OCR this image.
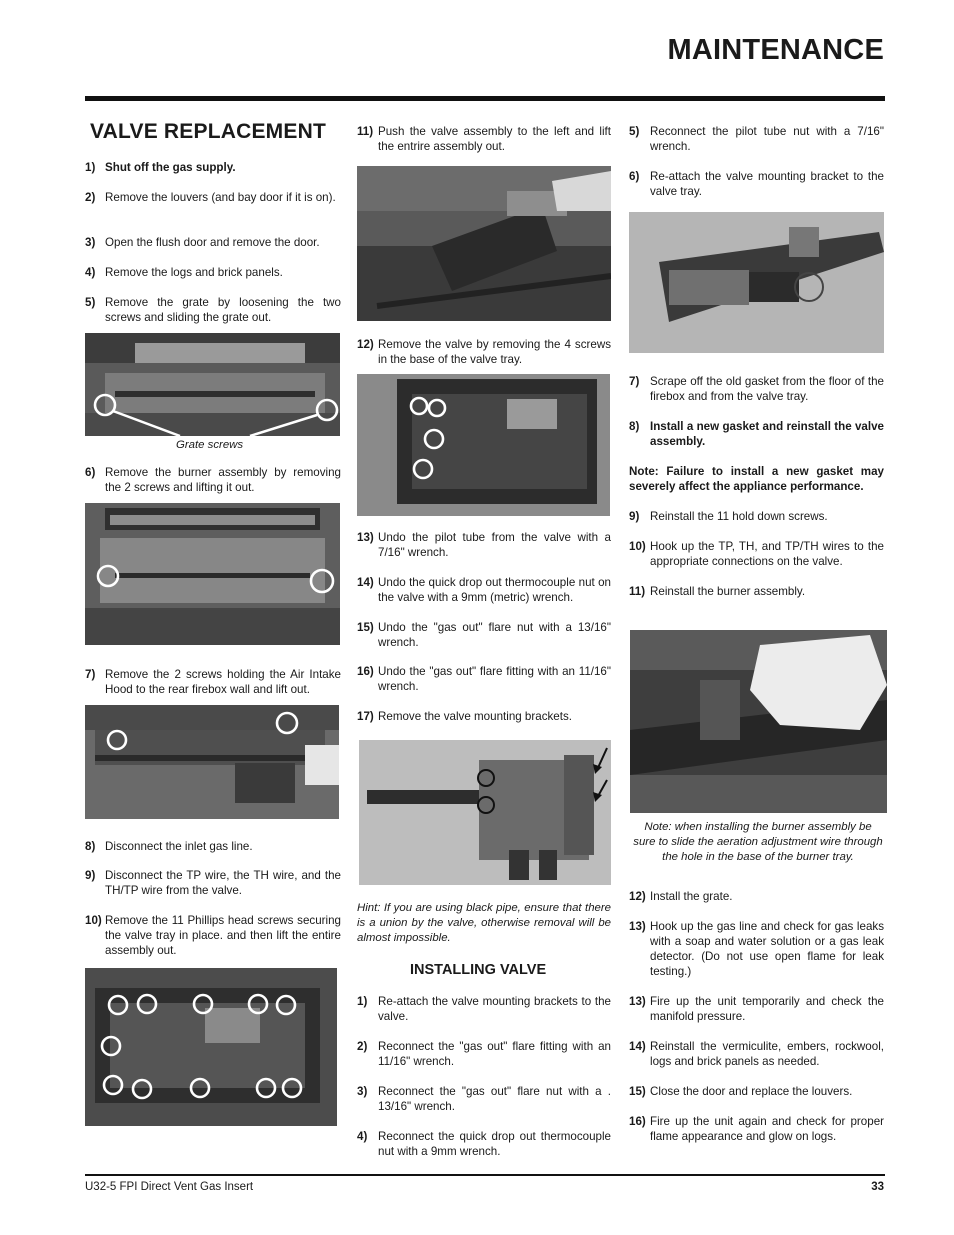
MAINTENANCE
VALVE REPLACEMENT
1) Shut off the gas supply.
2) Remove the louvers (and bay door if it is on).
3) Open the flush door and remove the door.
4) Remove the logs and brick panels.
5) Remove the grate by loosening the two screws and sliding the grate out.
Grate screws
6) Remove the burner assembly by removing the 2 screws and lifting it out.
7) Remove the 2 screws holding the Air Intake Hood to the rear firebox wall and lift out.
8) Disconnect the inlet gas line.
9) Disconnect the TP wire, the TH wire, and the TH/TP wire from the valve.
10) Remove the 11 Phillips head screws securing the valve tray in place. and then lift the entire assembly out.
11) Push the valve assembly to the left and lift the entrire assembly out.
12) Remove the valve by removing the 4 screws in the base of the valve tray.
13) Undo the pilot tube from the valve with a 7/16" wrench.
14) Undo the quick drop out thermocouple nut on the valve with a 9mm (metric) wrench.
15) Undo the "gas out" flare nut with a 13/16" wrench.
16) Undo the "gas out" flare fitting with an 11/16" wrench.
17) Remove the valve mounting brackets.
Hint: If you are using black pipe, ensure that there is a union by the valve, otherwise removal will be almost impossible.
INSTALLING VALVE
1) Re-attach the valve mounting brackets to the valve.
2) Reconnect the "gas out" flare fitting with an 11/16" wrench.
3) Reconnect the "gas out" flare nut with a . 13/16" wrench.
4) Reconnect the quick drop out thermocouple nut with a 9mm wrench.
5) Reconnect the pilot tube nut with a 7/16" wrench.
6) Re-attach the valve mounting bracket to the valve tray.
7) Scrape off the old gasket from the floor of the firebox and from the valve tray.
8) Install a new gasket and reinstall the valve assembly.
Note: Failure to install a new gasket may severely affect the appliance performance.
9) Reinstall the 11 hold down screws.
10) Hook up the TP, TH, and TP/TH wires to the appropriate connections on the valve.
11) Reinstall the burner assembly.
Note: when installing the burner assembly be sure to slide the aeration adjustment wire through the hole in the base of the burner tray.
12) Install the grate.
13) Hook up the gas line and check for gas leaks with a soap and water solution or a gas leak detector. (Do not use open flame for leak testing.)
13) Fire up the unit temporarily and check the manifold pressure.
14) Reinstall the vermiculite, embers, rockwool, logs and brick panels as needed.
15) Close the door and replace the louvers.
16) Fire up the unit again and check for proper flame appearance and glow on logs.
U32-5 FPI Direct Vent Gas Insert	33
